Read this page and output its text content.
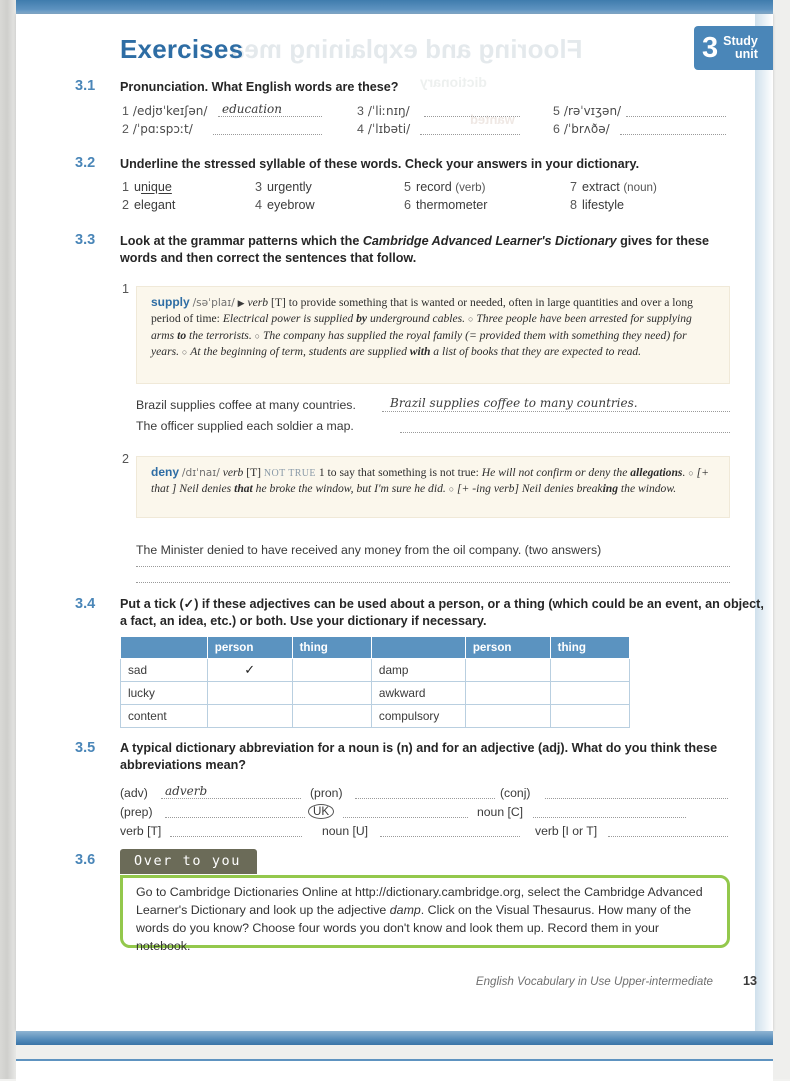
Flooring and explaining mea
dictionary
wanted
Exercises	3 Study
unit
3.1	Pronunciation. What English words are these?
1 /edjʊˈkeɪʃən/ education
2 /ˈpɑːspɔːt/
3 /ˈliːnɪŋ/
4 /ˈlɪbəti/
5 /rəˈvɪʒən/
6 /ˈbrʌðə/
3.2	Underline the stressed syllable of these words. Check your answers in your dictionary.
1 unique
2 elegant
3 urgently
4 eyebrow
5 record (verb)
6 thermometer
7 extract (noun)
8 lifestyle
3.3	Look at the grammar patterns which the Cambridge Advanced Learner's Dictionary gives for these words and then correct the sentences that follow.
1
supply /səˈplaɪ/ ▶ verb [T] to provide something that is wanted or needed, often in large quantities and over a long period of time: Electrical power is supplied by underground cables. ○ Three people have been arrested for supplying arms to the terrorists. ○ The company has supplied the royal family (= provided them with something they need) for years. ○ At the beginning of term, students are supplied with a list of books that they are expected to read.
Brazil supplies coffee at many countries.	Brazil supplies coffee to many countries.
The officer supplied each soldier a map.
2
deny /dɪˈnaɪ/ verb [T] NOT TRUE 1 to say that something is not true: He will not confirm or deny the allegations. ○ [+ that ] Neil denies that he broke the window, but I'm sure he did. ○ [+ -ing verb] Neil denies breaking the window.
The Minister denied to have received any money from the oil company. (two answers)
3.4	Put a tick (✓) if these adjectives can be used about a person, or a thing (which could be an event, an object, a fact, an idea, etc.) or both. Use your dictionary if necessary.
	person	thing		person	thing
sad	✓		damp		
lucky			awkward		
content			compulsory		
3.5	A typical dictionary abbreviation for a noun is (n) and for an adjective (adj). What do you think these abbreviations mean?
(adv) adverb	(pron)	(conj)
(prep)	UK	noun [C]
verb [T]	noun [U]	verb [I or T]
3.6	Over to you
Go to Cambridge Dictionaries Online at http://dictionary.cambridge.org, select the Cambridge Advanced Learner's Dictionary and look up the adjective damp. Click on the Visual Thesaurus. How many of the words do you know? Choose four words you don't know and look them up. Record them in your notebook.
English Vocabulary in Use Upper-intermediate 13
